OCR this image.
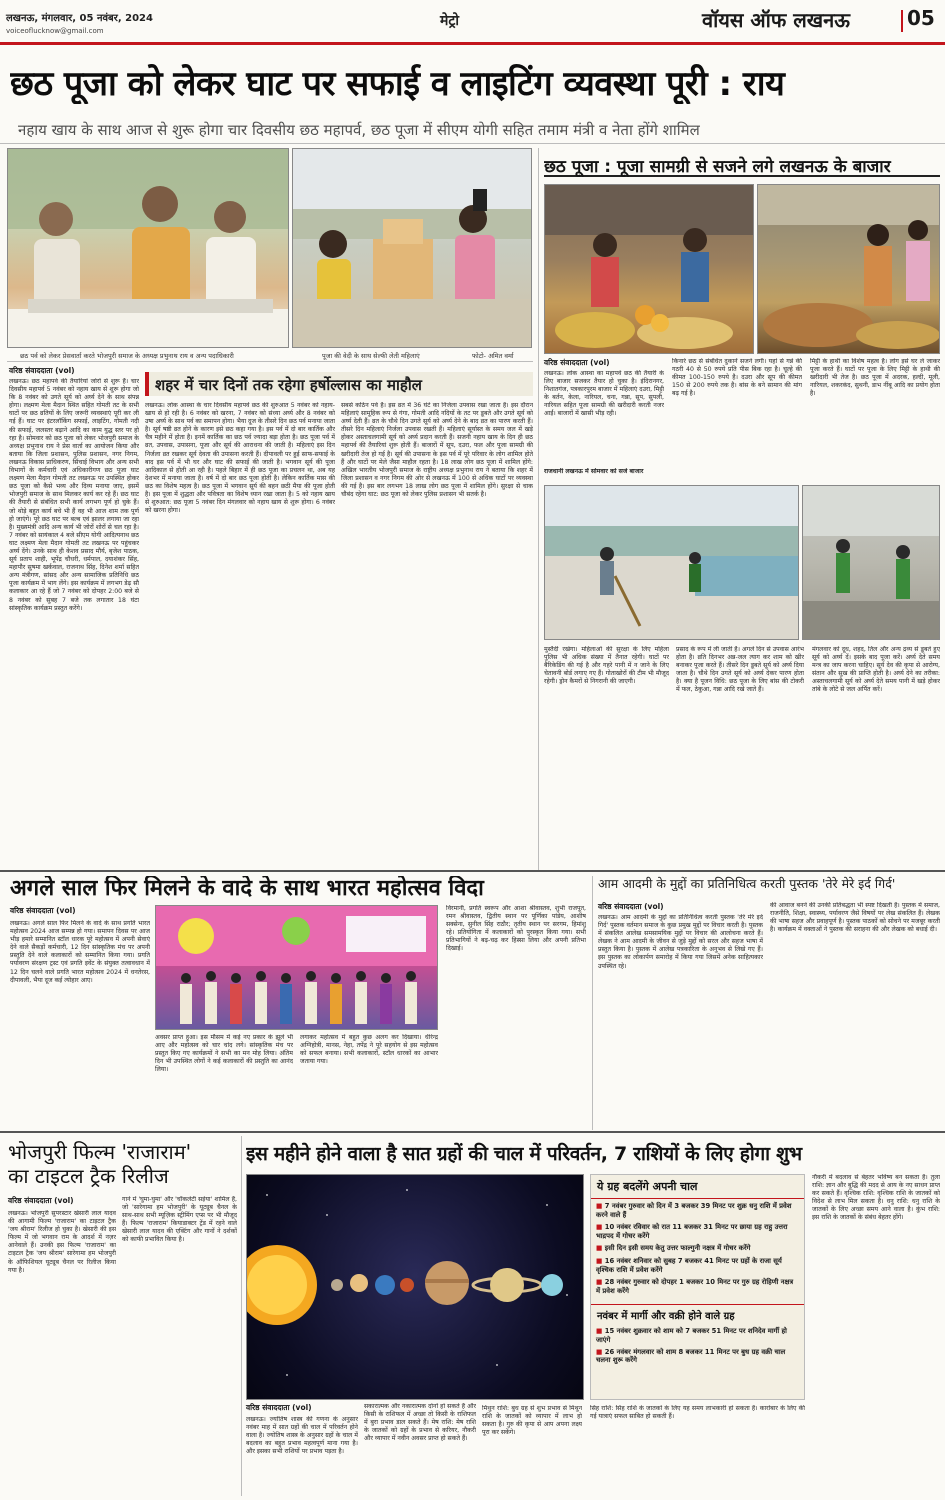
लखनऊ, मंगलवार, 05 नवंबर, 2024
voiceoflucknow@gmail.com
मेट्रो	वॉयस ऑफ लखनऊ	05
छठ पूजा को लेकर घाट पर सफाई व लाइटिंग व्यवस्था पूरी : राय
नहाय खाय के साथ आज से शुरू होगा चार दिवसीय छठ महापर्व, छठ पूजा में सीएम योगी सहित तमाम मंत्री व नेता होंगे शामिल
छठ पर्व को लेकर प्रेसवार्ता करते भोजपुरी समाज के अध्यक्ष प्रभुनाथ राय व अन्य पदाधिकारी	पूजा की वेदी के साथ सेल्फी लेती महिलाएं	फोटो- अमित वर्मा
वरिष्ठ संवाददाता (vol)
शहर में चार दिनों तक रहेगा हर्षोल्लास का माहौल
लखनऊ। छठ महापर्व की तैयारियां जोरों से शुरू हैं। चार दिवसीय महापर्व 5 नवंबर को नहाय खाय से शुरू होगा जो कि 8 नवंबर को उगते सूर्य को अर्घ्य देने के साथ संपन्न होगा। लक्ष्मण मेला मैदान स्थित सहित गोमती तट के सभी घाटों पर छठ व्रतियों के लिए जरूरी व्यवस्थाएं पूरी कर ली गई हैं। घाट पर इंटरलॉकिंग सफाई, लाइटिंग, गोमती नदी की सफाई, जलस्तर बढ़ाने आदि का काम युद्ध स्तर पर हो रहा है। सोमवार को छठ पूजा को लेकर भोजपुरी समाज के अध्यक्ष प्रभुनाथ राय ने प्रेस वार्ता का आयोजन किया और बताया कि जिला प्रशासन, पुलिस प्रशासन, नगर निगम, लखनऊ विकास प्राधिकरण, सिंचाई विभाग और अन्य सभी विभागों के कर्मचारी एवं अधिकारीगण छठ पूजा घाट लक्ष्मण मेला मैदान गोमती तट लखनऊ पर उपस्थित होकर छठ पूजा को कैसे भव्य और दिव्य मनाया जाए, इसमें भोजपुरी समाज के साथ मिलकर कार्य कर रहे हैं। छठ घाट की तैयारी से संबंधित सभी कार्य लगभग पूर्ण हो चुके हैं। जो थोड़े बहुत कार्य बचे भी हैं वह भी आज शाम तक पूर्ण हो जाएंगे। पूरे छठ घाट पर बल्ब एवं झालर लगाया जा रहा है। मुख्यमंत्री आदि अन्य कार्य भी जोरों शोरों से चल रहा है। 7 नवंबर को सायंकाल 4 बजे सीएम योगी आदित्यनाथ छठ घाट लक्ष्मण मेला मैदान गोमती तट लखनऊ पर पहुंचकर अर्घ्य देंगे। उनके साथ ही केशव प्रसाद मौर्य, बृजेश पाठक, सूर्य प्रताप शाही, भूपेंद्र चौधरी, धर्मपाल, दयाशंकर सिंह, महापौर सुषमा खर्कवाल, राजनाथ सिंह, दिनेश शर्मा सहित अन्य मंत्रीगण, सांसद और अन्य सामाजिक प्रतिनिधि छठ पूजा कार्यक्रम में भाग लेंगे। इस कार्यक्रम में लगभग डेढ़ सौ कलाकार आ रहे हैं जो 7 नवंबर को दोपहर 2:00 बजे से 8 नवंबर को सुबह 7 बजे तक लगातार 18 घंटा सांस्कृतिक कार्यक्रम प्रस्तुत करेंगे।
लखनऊ। लोक आस्था के चार दिवसीय महापर्व छठ की शुरुआत 5 नवंबर को नहाय-खाय से हो रही है। 6 नवंबर को खरना, 7 नवंबर को संध्या अर्घ्य और 8 नवंबर को उषा अर्घ्य के साथ पर्व का समापन होगा। भैया दूज के तीसरे दिन छठ पर्व मनाया जाता है। सूर्य षष्ठी व्रत होने के कारण इसे छठ कहा गया है। इस पर्व में दो बार कार्तिक और चैत्र महीने में होता है। इनमें कार्तिक का छठ पर्व ज्यादा बड़ा होता है। छठ पूजा पर्व में व्रत, उपवास, उपासना, पूजा और सूर्य की आराधना की जाती है। महिलाएं इस दिन निर्जला व्रत रखकर सूर्य देवता की उपासना करती हैं। दीपावली पर हुई साफ-सफाई के बाद इस पर्व में भी घर और घाट की सफाई की जाती है। भगवान सूर्य की पूजा आदिकाल से होती आ रही है। पहले बिहार में ही छठ पूजा का प्रचलन था, अब यह देशभर में मनाया जाता है। वर्ष में दो बार छठ पूजा होती है। लेकिन कार्तिक मास की छठ का विशेष महत्व है। छठ पूजा में भगवान सूर्य की बहन छठी मैया की पूजा होती है। इस पूजा में शुद्धता और पवित्रता का विशेष ध्यान रखा जाता है। 5 को नहाय खाय से शुरुआत: छठ पूजा 5 नवंबर दिन मंगलवार को नहाय खाय से शुरू होगा। 6 नवंबर को खरना होगा।
सबसे कठिन पर्व है। इस व्रत में 36 घंटे का निर्जला उपवास रखा जाता है। इस दौरान महिलाएं सामूहिक रूप से गंगा, गोमती आदि नदियों के तट पर डूबते और उगते सूर्य को अर्घ्य देती हैं। व्रत के चौथे दिन उगते सूर्य को अर्घ्य देने के बाद व्रत का पारण करती हैं। तीसरे दिन महिलाएं निर्जला उपवास रखती हैं। महिलाएं सूर्यास्त के समय जल में खड़े होकर अस्ताचलगामी सूर्य को अर्घ्य प्रदान करती हैं। सजनी नहाय खाय के दिन ही छठ महापर्व की तैयारियां शुरू होती हैं। बाजारों में सूप, दउरा, फल और पूजा सामग्री की खरीदारी तेज हो गई है। सूर्य की उपासना के इस पर्व में पूरे परिवार के लोग शामिल होते हैं और घाटों पर मेले जैसा माहौल रहता है। 18 लाख लोग छठ पूजा में शामिल होंगे: अखिल भारतीय भोजपुरी समाज के राष्ट्रीय अध्यक्ष प्रभुनाथ राय ने बताया कि शहर में जिला प्रशासन व नगर निगम की ओर से लखनऊ में 100 से अधिक घाटों पर व्यवस्था की गई है। इस बार लगभग 18 लाख लोग छठ पूजा में शामिल होंगे। सुरक्षा से चाक चौबंद रहेगा घाट: छठ पूजा को लेकर पुलिस प्रशासन भी सतर्क है।
छठ पूजा : पूजा सामग्री से सजने लगे लखनऊ के बाजार
वरिष्ठ संवाददाता (vol)
लखनऊ। लोक आस्था का महापर्व छठ की तैयारी के लिए बाजार सजकर तैयार हो चुका है। इंदिरानगर, निशातगंज, पत्रकारपुरम बाजार में महिलाएं दउरा, मिट्टी के बर्तन, केला, नारियल, चना, गन्ना, सूप, सुपली, नारियल सहित पूजा सामग्री की खरीदारी करती नजर आईं। बाजारों में खासी भीड़ रही।
राजधानी लखनऊ में सोमवार को सजे बाजार
किनारे छठ से संबंधित दुकानें सजने लगी। यहां से गन्ने की गठरी 40 से 50 रुपये प्रति पीस बिक रहा है। चूल्हे की कीमत 100-150 रुपये है। दउरा और सूप की कीमत 150 से 200 रुपये तक है। बांस के बने सामान की मांग बढ़ गई है।
मिट्टी के हाथी का विशेष महत्व है। लोग इसे घर ले जाकर पूजा करते हैं। घाटों पर पूजा के लिए मिट्टी के हाथी की खरीदारी भी तेज है। छठ पूजा में अदरक, हल्दी, मूली, नारियल, शकरकंद, सुथनी, डाभ नींबू आदि का प्रयोग होता है।
मुस्तैदी रखेगा। महिलाओं की सुरक्षा के लिए महिला पुलिस भी अधिक संख्या में तैनात रहेगी। घाटों पर बैरिकेडिंग की गई है और गहरे पानी में न जाने के लिए चेतावनी बोर्ड लगाए गए हैं। गोताखोरों की टीम भी मौजूद रहेगी। ड्रोन कैमरों से निगरानी की जाएगी।
प्रसाद के रूप में ली जाती है। अगले दिन से उपवास आरंभ होता है। व्रति दिनभर अन्न-जल त्याग कर शाम को खीर बनाकर पूजा करते हैं। तीसरे दिन डूबते सूर्य को अर्घ्य दिया जाता है। चौथे दिन उगते सूर्य को अर्घ्य देकर पारण होता है। क्या है पूजन विधि: छठ पूजा के लिए बांस की टोकरी में फल, ठेकुआ, गन्ना आदि रखे जाते हैं।
मंगलवार को दूध, शहद, तिल और अन्य द्रव्य से डूबते हुए सूर्य को अर्घ्य दें। इसके बाद पूजा करें। अर्घ्य देते समय मन्त्र का जाप करना चाहिए। सूर्य देव की कृपा से आरोग्य, संतान और सुख की प्राप्ति होती है। अर्घ्य देने का तरीका: अस्ताचलगामी सूर्य को अर्घ्य देते समय पानी में खड़े होकर तांबे के लोटे से जल अर्पित करें।
अगले साल फिर मिलने के वादे के साथ भारत महोत्सव विदा
वरिष्ठ संवाददाता (vol)
लखनऊ। अगले साल फिर मिलने के वादे के साथ प्रगति भारत महोत्सव 2024 आज सम्पन्न हो गया। समापन दिवस पर आज भीड़ हमारे सम्मानित स्टॉल धारक पूरे महोत्सव में अपनी सेवाएं देने वाले सैकड़ों कर्मचारी, 12 दिन सांस्कृतिक मंच पर अपनी प्रस्तुति देने वाले कलाकारों को सम्मानित किया गया। प्रगति पर्यावरण संरक्षण ट्रस्ट एवं प्रगति इवेंट के संयुक्त तत्वावधान में 12 दिन चलने वाले प्रगति भारत महोत्सव 2024 में धनतेरस, दीपावली, भैया दूज कई त्योहार आए।
अवसर प्राप्त हुआ। इस मौसम में कई नए प्रकार के झूले भी आए और महोत्सव को चार चांद लगे। सांस्कृतिक मंच पर प्रस्तुत किए गए कार्यक्रमों ने सभी का मन मोह लिया। अंतिम दिन भी उपस्थित लोगों ने कई कलाकारों की प्रस्तुति का आनंद लिया।
लगाकर महोत्सव में बहुत कुछ अलग कर दिखाया। धीरेन्द्र अग्निहोत्री, मानस, नेहा, तपेंद्र ने पूरे सहयोग से इस महोत्सव को सफल बनाया। सभी कलाकारों, स्टॉल धारकों का आभार जताया गया।
विरमानी, प्रगति स्वरूप और आशा श्रीवास्तव, शुभी राजपूत, रमन श्रीवास्तव, द्वितीय स्थान पर पूर्णिका पांडेय, आशीष सक्सेना, सुनील सिंह राठौर; तृतीय स्थान पर सरगम, हिमांशु रहे। प्रतियोगिता में कलाकारों को पुरस्कृत किया गया। सभी प्रतिभागियों ने बढ़-चढ़ कर हिस्सा लिया और अपनी प्रतिभा दिखाई।
आम आदमी के मुद्दों का प्रतिनिधित्व करती पुस्तक 'तेरे मेरे इर्द गिर्द'
वरिष्ठ संवाददाता (vol)
लखनऊ। आम आदमी के मुद्दों का प्रतिनिधित्व करती पुस्तक 'तेरे मेरे इर्द गिर्द' पुस्तक वर्तमान समाज के कुछ प्रमुख मुद्दों पर विचार करती है। पुस्तक में संकलित आलेख समसामयिक मुद्दों पर विचार की आलोचना करते हैं। लेखक ने आम आदमी के जीवन से जुड़े मुद्दों को सरल और सहज भाषा में प्रस्तुत किया है। पुस्तक में आलेख पत्रकारिता के अनुभव से लिखे गए हैं। इस पुस्तक का लोकार्पण समारोह में किया गया जिसमें अनेक साहित्यकार उपस्थित रहे।
की आवाज बनने की उनकी प्रतिबद्धता भी स्पष्ट दिखती है। पुस्तक में समाज, राजनीति, शिक्षा, स्वास्थ्य, पर्यावरण जैसे विषयों पर लेख संकलित हैं। लेखक की भाषा सहज और प्रवाहपूर्ण है। पुस्तक पाठकों को सोचने पर मजबूर करती है। कार्यक्रम में वक्ताओं ने पुस्तक की सराहना की और लेखक को बधाई दी।
भोजपुरी फिल्म 'राजाराम'
का टाइटल ट्रैक रिलीज
वरिष्ठ संवाददाता (vol)
लखनऊ। भोजपुरी सुपरस्टार खेसारी लाल यादव की आगामी फिल्म 'राजाराम' का टाइटल ट्रैक 'जय श्रीराम' रिलीज हो चुका है। खेसारी की इस फिल्म में जो भगवान राम के आदर्श में नज़र आनेवाले हैं। उनकी इस फिल्म 'राजाराम' का टाइटल ट्रैक 'जय श्रीराम' सारेगामा हम भोजपुरी के ऑफिशियल यूट्यूब चैनल पर रिलीज किया गया है।
गाने में 'घुमा-घुमा' और 'चॉकलेटी सईया' शामिल हैं, जो 'सारेगामा हम भोजपुरी' के यूट्यूब चैनल के साथ-साथ सभी म्यूज़िक स्ट्रीमिंग एप्स पर भी मौजूद हैं। फिल्म 'राजाराम' कियाडाक्टर ट्रेंड में रहने वाले खेसारी लाल यादव की एक्टिंग और गानों ने दर्शकों को काफी प्रभावित किया है।
इस महीने होने वाला है सात ग्रहों की चाल में परिवर्तन, 7 राशियों के लिए होगा शुभ
वरिष्ठ संवाददाता (vol)
लखनऊ। ज्योतिष शास्त्र की गणना के अनुसार नवंबर माह में सात ग्रहों की चाल में परिवर्तन होने वाला है। ज्योतिष शास्त्र के अनुसार ग्रहों के चाल में बदलाव का बहुत प्रभाव महत्वपूर्ण माना गया है। और इसका सभी राशियों पर प्रभाव पड़ता है।
सकारात्मक और नकारात्मक दोनों हो सकते हैं और किसी के राशिफल में अच्छा तो किसी के राशिफल में बुरा प्रभाव डाल सकते हैं। मेष राशि: मेष राशि के जातकों को ग्रहों के प्रभाव से करियर, नौकरी और व्यापार में नवीन अवसर प्राप्त हो सकते हैं।
ये ग्रह बदलेंगे अपनी चाल
■ 7 नवंबर गुरुवार को दिन में 3 बजकर 39 मिनट पर शुक्र धनु राशि में प्रवेश करने वाले हैं
■ 10 नवंबर रविवार को रात 11 बजकर 31 मिनट पर छाया ग्रह राहु उत्तरा भाद्रपद में गोचर करेंगे
■ इसी दिन इसी समय केतु उत्तर फाल्गुनी नक्षत्र में गोचर करेंगे
■ 16 नवंबर शनिवार को सुबह 7 बजकर 41 मिनट पर ग्रहों के राजा सूर्य वृश्चिक राशि में प्रवेश करेंगे
■ 28 नवंबर गुरुवार को दोपहर 1 बजकर 10 मिनट पर गुरु ग्रह रोहिणी नक्षत्र में प्रवेश करेंगे
नवंबर में मार्गी और वक्री होने वाले ग्रह
■ 15 नवंबर शुक्रवार को शाम को 7 बजकर 51 मिनट पर शनिदेव मार्गी हो जाएंगे
■ 26 नवंबर मंगलवार को शाम 8 बजकर 11 मिनट पर बुध ग्रह वक्री चाल चलना शुरू करेंगे
मिथुन राशि: बुध ग्रह से शुभ प्रभाव से मिथुन राशि के जातकों को व्यापार में लाभ हो सकता है। गुरु की कृपा से आप अपना लक्ष्य पूरा कर सकेंगे।
सिंह राशि: सिंह राशि के जातकों के लिए यह समय लाभकारी हो सकता है। कारोबार के लिए की गई यात्राएं सफल साबित हो सकती हैं।
नौकरी में बदलाव से बेहतर भविष्य बन सकता है। तुला राशि: ज्ञान और बुद्धि की मदद से आय के नए साधन प्राप्त कर सकते हैं। वृश्चिक राशि: वृश्चिक राशि के जातकों को विदेश से लाभ मिल सकता है। धनु राशि: धनु राशि के जातकों के लिए अच्छा समय आने वाला है। कुंभ राशि: इस राशि के जातकों के संबंध बेहतर होंगे।
